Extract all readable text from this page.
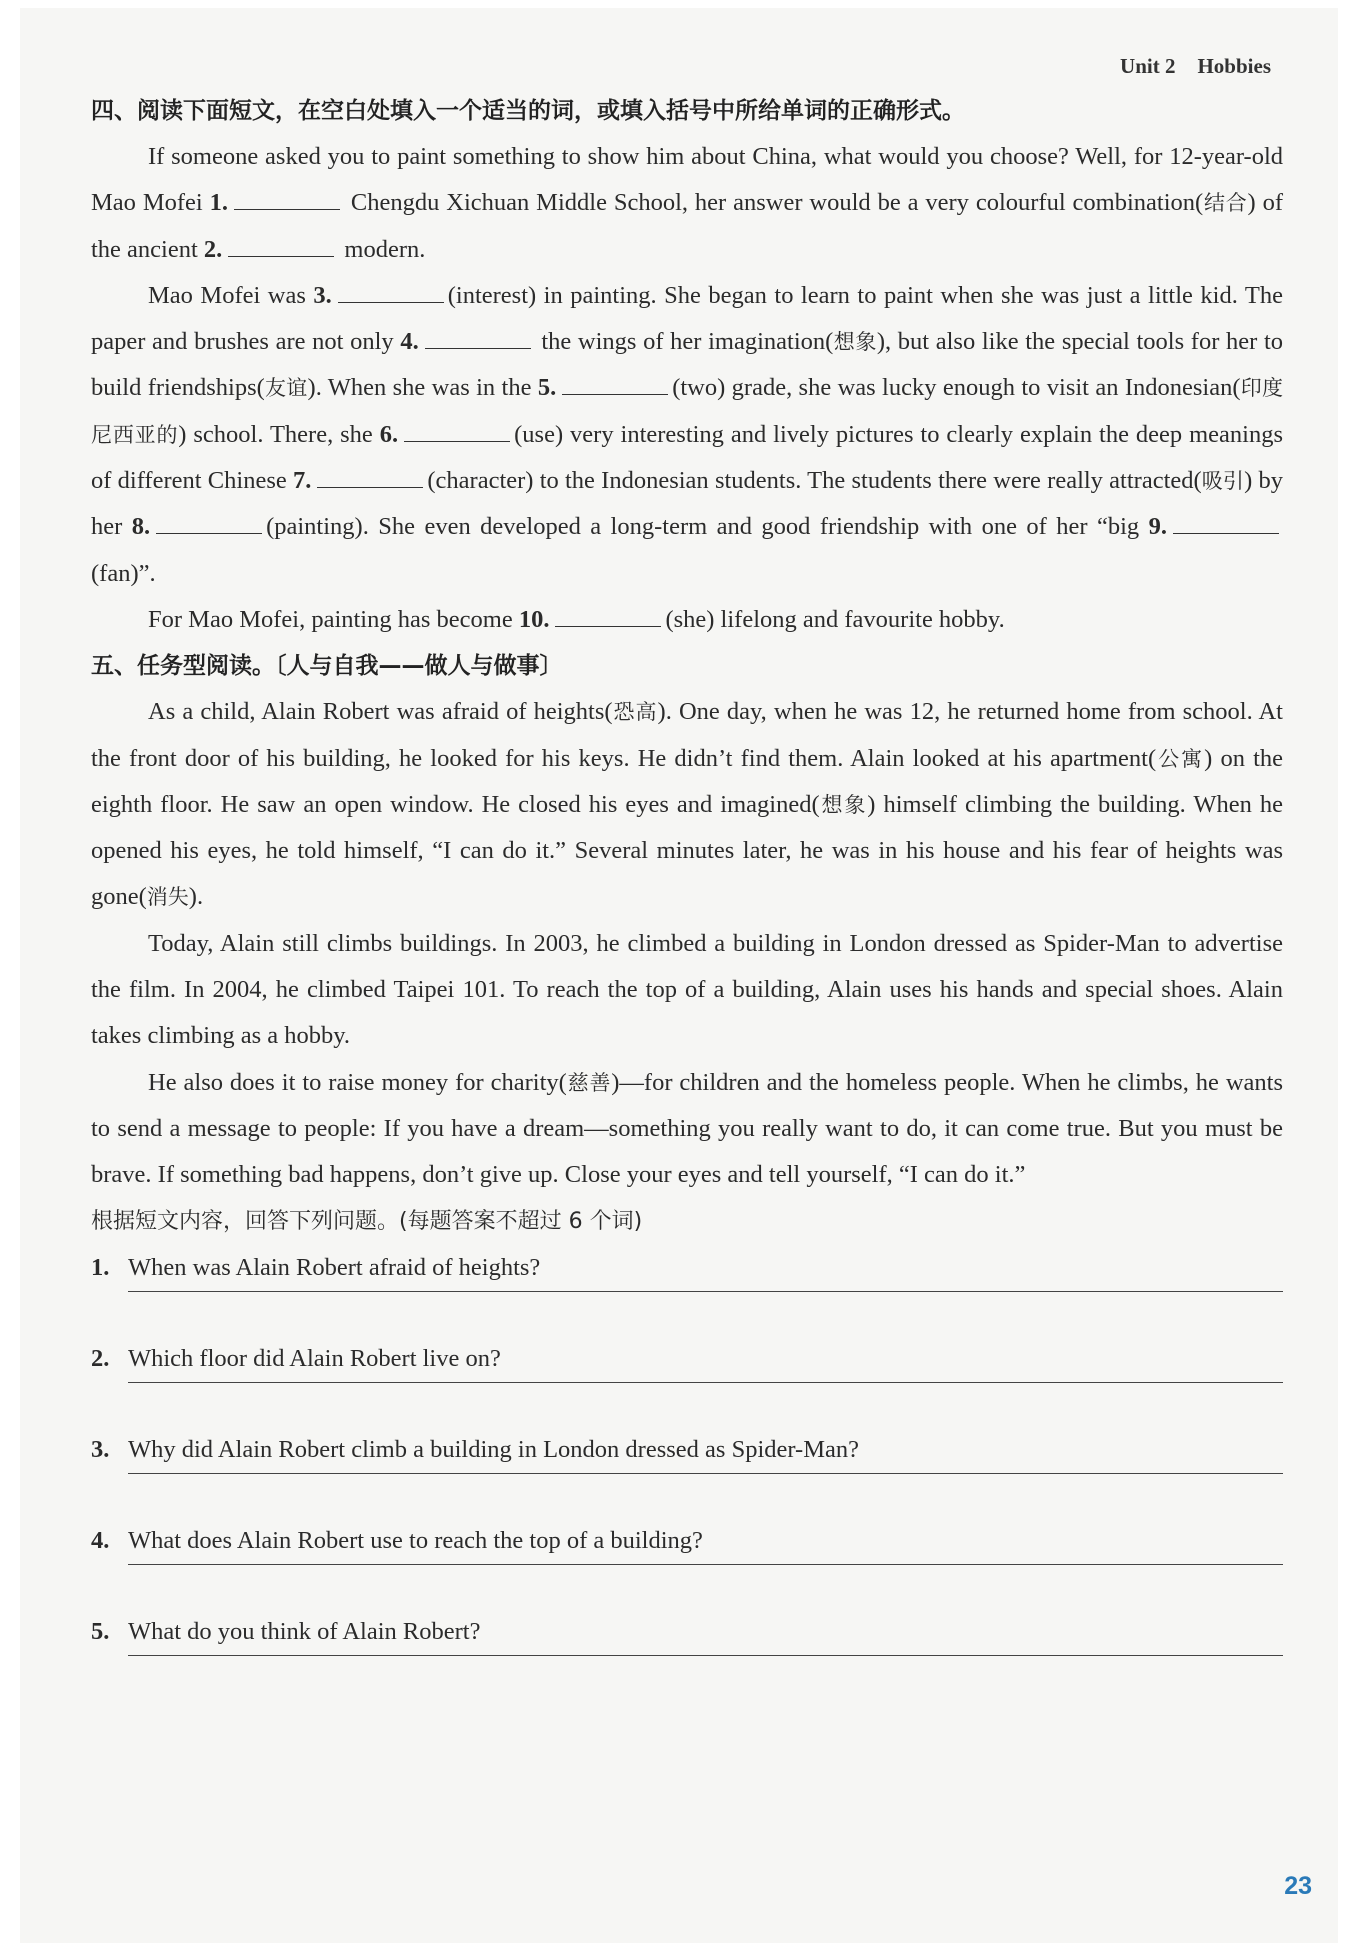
Unit 2 Hobbies
四、阅读下面短文，在空白处填入一个适当的词，或填入括号中所给单词的正确形式。

If someone asked you to paint something to show him about China, what would you choose? Well, for 12-year-old Mao Mofei 1.	Chengdu Xichuan Middle School, her answer would be a very colourful combination(结合) of the ancient 2.	modern.

Mao Mofei was 3.	(interest) in painting. She began to learn to paint when she was just a little kid. The paper and brushes are not only 4.	the wings of her imagination(想象), but also like the special tools for her to build friendships(友谊). When she was in the 5.	(two) grade, she was lucky enough to visit an Indonesian(印度尼西亚的) school. There, she 6.	(use) very interesting and lively pictures to clearly explain the deep meanings of different Chinese 7.	(character) to the Indonesian students. The students there were really attracted(吸引) by her 8.	(painting). She even developed a long-term and good friendship with one of her “big 9.(fan)”.

For Mao Mofei, painting has become 10.	(she) lifelong and favourite hobby.

五、任务型阅读。〔人与自我——做人与做事〕

As a child, Alain Robert was afraid of heights(恐高). One day, when he was 12, he returned home from school. At the front door of his building, he looked for his keys. He didn’t find them. Alain looked at his apartment(公寓) on the eighth floor. He saw an open window. He closed his eyes and imagined(想象) himself climbing the building. When he opened his eyes, he told himself, “I can do it.” Several minutes later, he was in his house and his fear of heights was gone(消失).

Today, Alain still climbs buildings. In 2003, he climbed a building in London dressed as Spider-Man to advertise the film. In 2004, he climbed Taipei 101. To reach the top of a building, Alain uses his hands and special shoes. Alain takes climbing as a hobby.

He also does it to raise money for charity(慈善)—for children and the homeless people. When he climbs, he wants to send a message to people: If you have a dream—something you really want to do, it can come true. But you must be brave. If something bad happens, don’t give up. Close your eyes and tell yourself, “I can do it.”

根据短文内容，回答下列问题。(每题答案不超过 6 个词)
1. When was Alain Robert afraid of heights?
2. Which floor did Alain Robert live on?
3. Why did Alain Robert climb a building in London dressed as Spider-Man?
4. What does Alain Robert use to reach the top of a building?
5. What do you think of Alain Robert?
23
